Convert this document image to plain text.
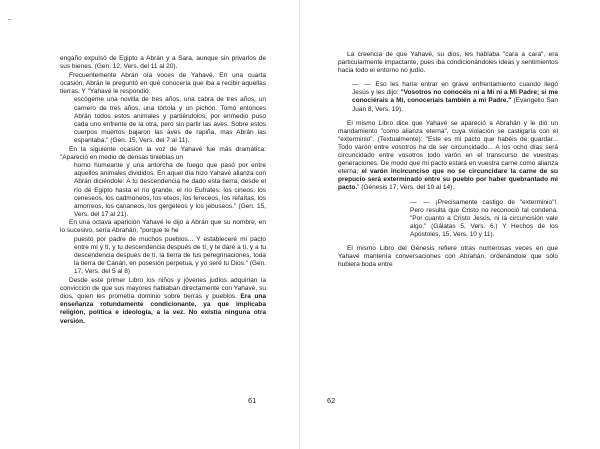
-

engaño expulsó de Egipto a Abrán y a Sara, aunque sin privarlos de sus bienes. (Gen. 12, Vers. del 11 al 20).

Frecuentemente Abrán oía voces de Yahavé. En una cuarta ocasión, Abrán le preguntó en qué conocería que iba a recibir aquellas tierras. Y "Yahavé le respondió:

escógeme una novilla de tres años, una cabra de tres años, un carnero de tres años, una tórtola y un pichón. Tomó entonces Abrán todos estos animales y partiéndolos, por enmedio puso cada uno enfrente de la otra, pero sin partir las aves. Sobre estos cuerpos muertos bajaron las aves de rapiña, mas Abrán las espantaba." (Gen. 15, Vers. del 7 al 11).

En la siguiente ocasión la voz de Yahavé fue más dramática: "Apareció en medio de densas tinieblas un

horno humeante y una antorcha de fuego que pasó por entre aquellos animales divididos. En aquel día hizo Yahavé alianza con Abrán diciéndole: A tu descendencia he dado esta tierra, desde el río de Egipto hasta el río grande, el río Eufrates: los cineos, los ceneseos, los cadmoneos, los eteos, los fereceos, los refaítas, los amorreos, los cananeos, los gergeteos y los jebuseos." (Gen. 15, Vers. del 17 al 21).

En una octava aparición Yahavé le dijo a Abrán que su nombre, en lo sucesivo, sería Abrahán, "porque te he

puesto por padre de muchos pueblos... Y estableceré mi pacto entre mí y tí, y tu descendencia después de tí; y te daré a tí, y a tu descendencia después de tí, la tierra de tus peregrinaciones, toda la tierra de Canán, en posesión perpetua, y yo seré tu Dios." (Gen. 17, Vers. del 5 al 8)

Desde este primer Libro los niños y jóvenes judíos adquirían la convicción de que sus mayores hablaban directamente con Yahavé, su dios, quien les prometía dominio sobre tierras y pueblos. Era una enseñanza rotundamente condicionante, ya que implicaba religión, política e ideología, a la vez. No existía ninguna otra versión.

61

La creencia de que Yahavé, su dios, les hablaba "cara a cara", era particularmente impactante, pues iba condicionándoles ideas y sentimientos hacia todo el entorno no judío.

— — Eso les haría entrar en grave enfrentamiento cuando llegó Jesús y les dijo: "Vosotros no conocéis ni a Mí ni a Mi Padre; si me conociérais a Mí, conoceríais también a mi Padre." (Evangelio San Juan 8, Vers. 19).

El mismo Libro dice que Yahavé se apareció a Abrahán y le dió un mandamiento "como alianza eterna", cuya violación se castigaría con el "exterminio". (Textualmente): "Este es mi pacto que habéis de guardar... Todo varón entre vosotros ha de ser circuncidado... A los ocho días será circuncidado entre vosotros todo varón en el transcurso de vuestras generaciones. De modo que mi pacto estará en vuestra carne como alianza eterna; el varón incircunciso que no se circuncidare la carne de su prepucio será exterminado entre su pueblo por haber quebrantado mi pacto." (Génesis 17, Vers. del 10 al 14).

— — ¡Precisamente castigo de "exterminio"!. Pero resulta que Cristo no reconoció tal condena. "Por cuanto a Cristo Jesús, ni la circuncisión vale algo." (Gálatas 5, Vers. 6.) Y Hechos de los Apóstoles, 15, Vers. 10 y 11).

El mismo Libro del Génesis refiere otras numerosas veces en que Yahavé mantenía conversaciones con Abrahán, ordenándole que sólo hubiera boda entre

62
